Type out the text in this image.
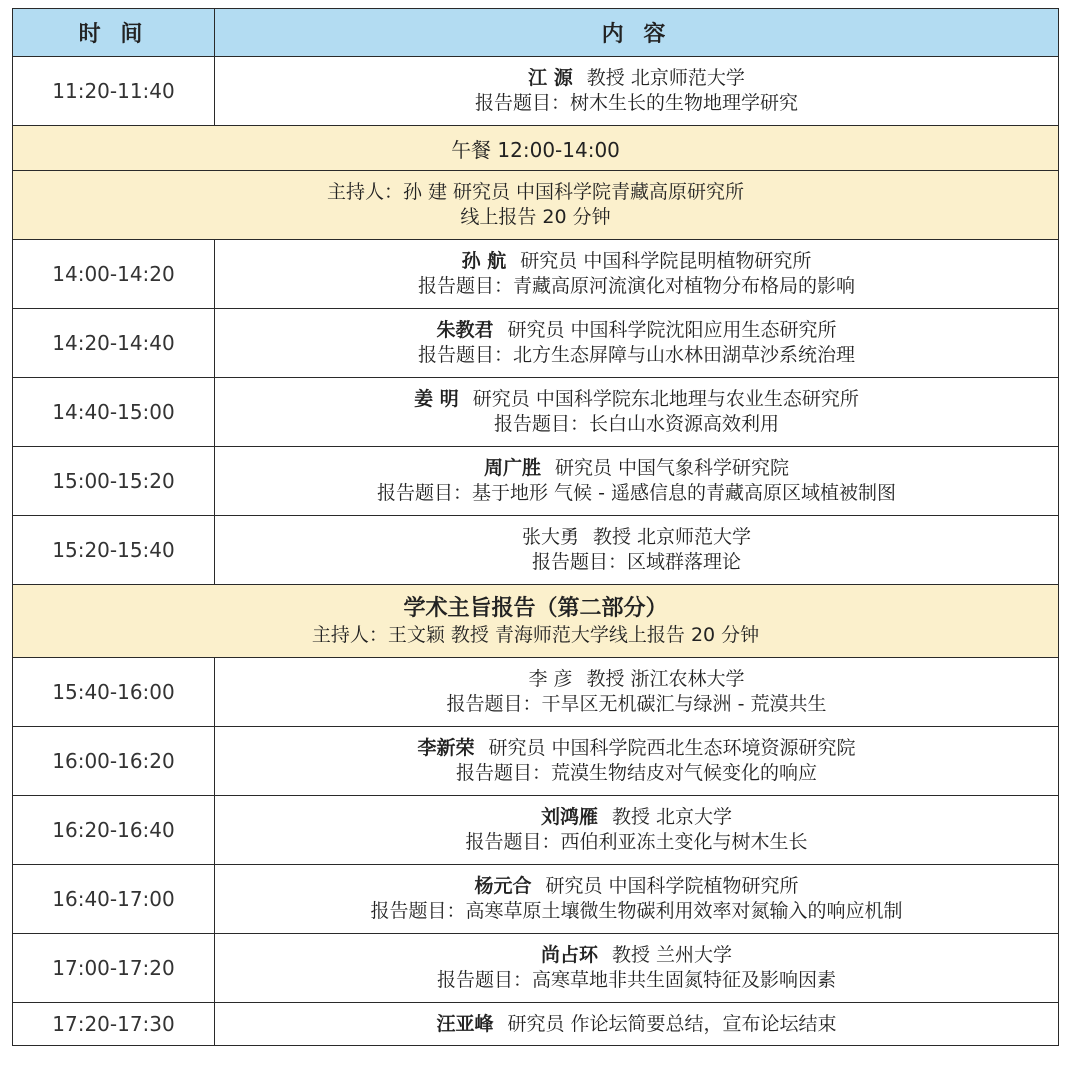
时 间	内 容
11:20-11:40	江 源 教授 北京师范大学
报告题目：树木生长的生物地理学研究

午餐 12:00-14:00	

主持人：孙 建 研究员 中国科学院青藏高原研究所
线上报告 20 分钟	

14:00-14:20	孙 航 研究员 中国科学院昆明植物研究所
报告题目：青藏高原河流演化对植物分布格局的影响

14:20-14:40	朱教君 研究员 中国科学院沈阳应用生态研究所
报告题目：北方生态屏障与山水林田湖草沙系统治理

14:40-15:00	姜 明 研究员 中国科学院东北地理与农业生态研究所
报告题目：长白山水资源高效利用

15:00-15:20	周广胜 研究员 中国气象科学研究院
报告题目：基于地形 气候 - 遥感信息的青藏高原区域植被制图

15:20-15:40	张大勇 教授 北京师范大学
报告题目：区域群落理论

学术主旨报告（第二部分）
主持人：王文颖 教授 青海师范大学线上报告 20 分钟	

15:40-16:00	李 彦 教授 浙江农林大学
报告题目：干旱区无机碳汇与绿洲 - 荒漠共生

16:00-16:20	李新荣 研究员 中国科学院西北生态环境资源研究院
报告题目：荒漠生物结皮对气候变化的响应

16:20-16:40	刘鸿雁 教授 北京大学
报告题目：西伯利亚冻土变化与树木生长

16:40-17:00	杨元合 研究员 中国科学院植物研究所
报告题目：高寒草原土壤微生物碳利用效率对氮输入的响应机制

17:00-17:20	尚占环 教授 兰州大学
报告题目：高寒草地非共生固氮特征及影响因素

17:20-17:30	汪亚峰 研究员 作论坛简要总结，宣布论坛结束
